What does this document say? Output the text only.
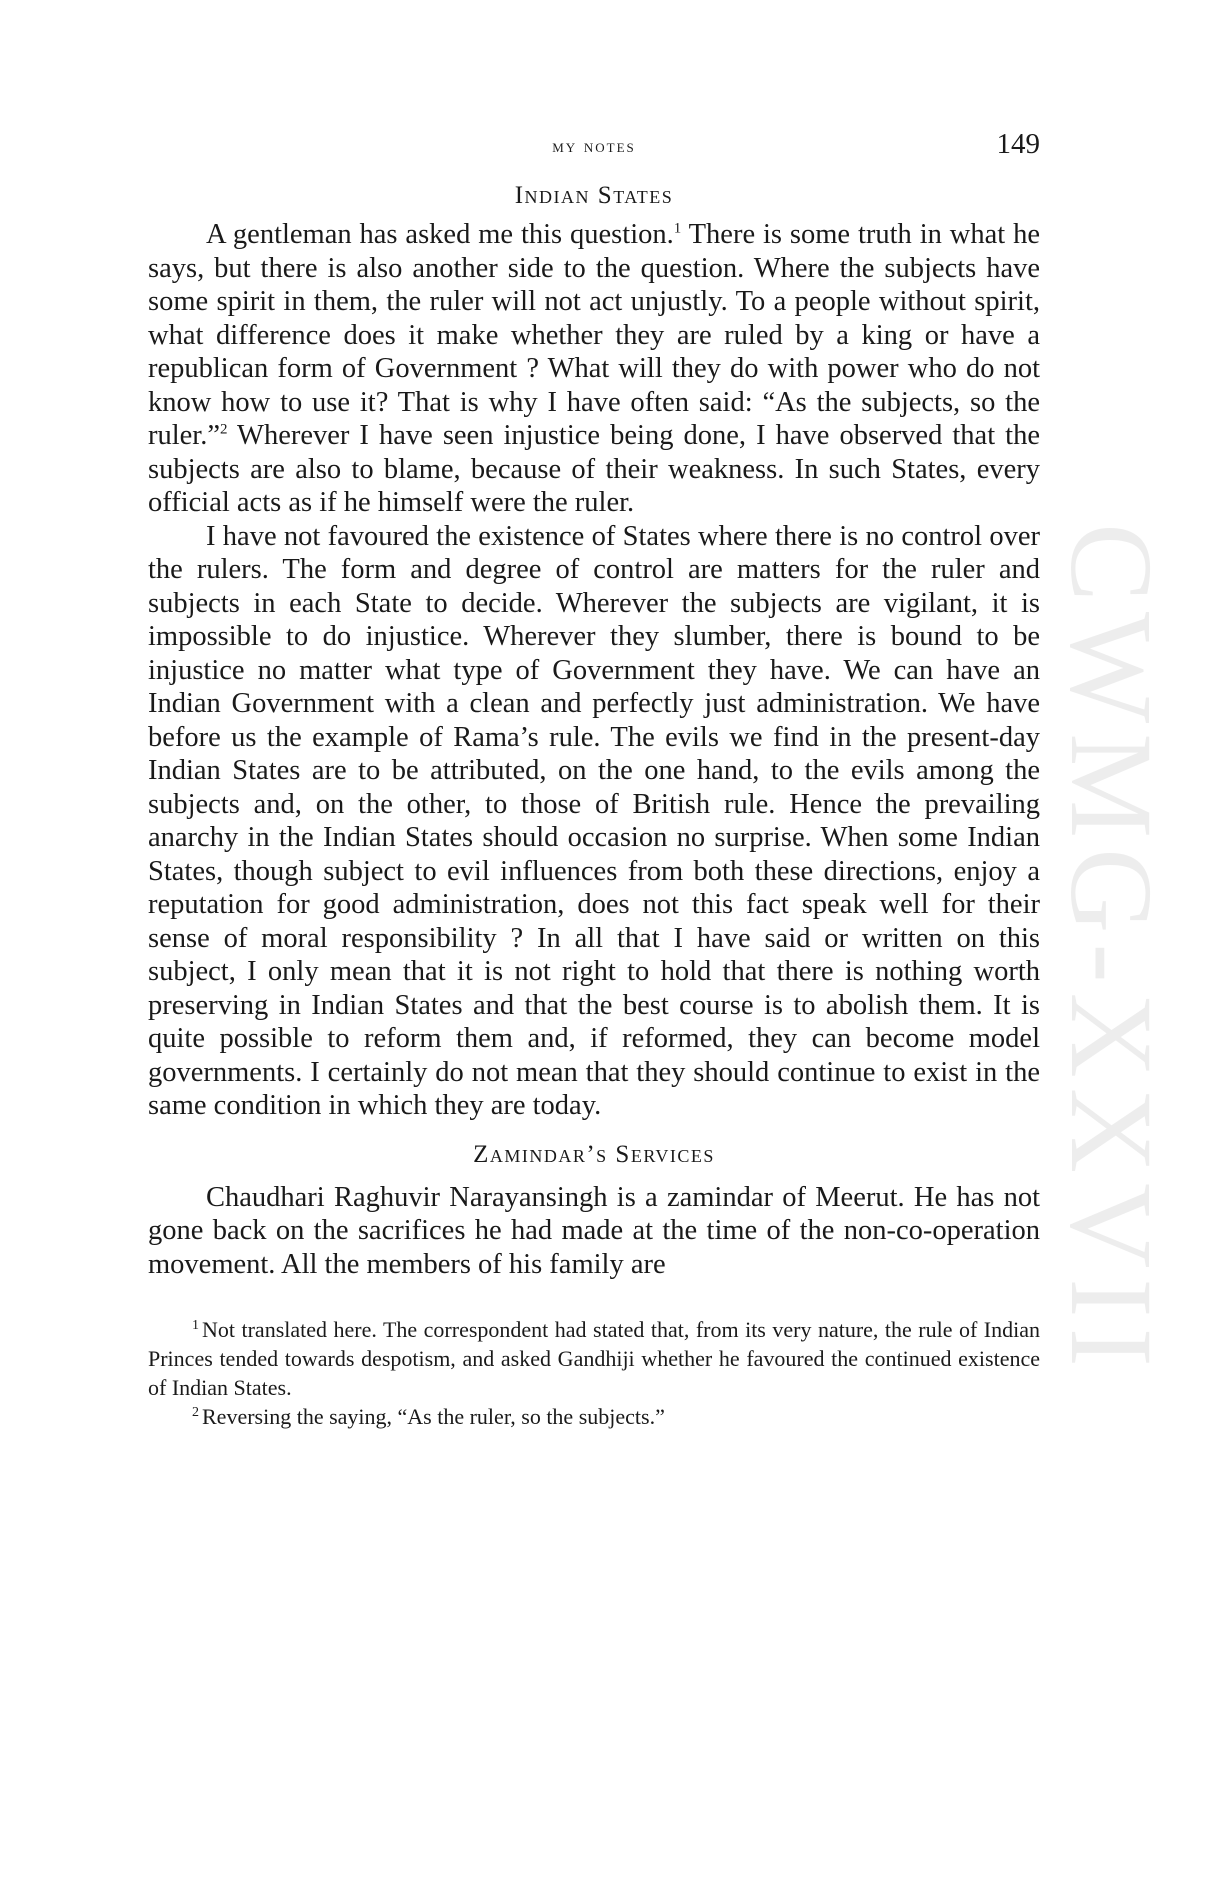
CWMG-XXVII
my notes	149
Indian States

A gentleman has asked me this question.$^1$ There is some truth in what he says, but there is also another side to the question. Where the subjects have some spirit in them, the ruler will not act unjustly. To a people without spirit, what difference does it make whether they are ruled by a king or have a republican form of Government ? What will they do with power who do not know how to use it? That is why I have often said: “As the subjects, so the ruler.”$^2$ Wherever I have seen injustice being done, I have observed that the subjects are also to blame, because of their weakness. In such States, every official acts as if he himself were the ruler.

I have not favoured the existence of States where there is no control over the rulers. The form and degree of control are matters for the ruler and subjects in each State to decide. Wherever the subjects are vigilant, it is impossible to do injustice. Wherever they slumber, there is bound to be injustice no matter what type of Government they have. We can have an Indian Government with a clean and perfectly just administration. We have before us the example of Rama’s rule. The evils we find in the present-day Indian States are to be attributed, on the one hand, to the evils among the subjects and, on the other, to those of British rule. Hence the prevailing anarchy in the Indian States should occasion no surprise. When some Indian States, though subject to evil influences from both these directions, enjoy a reputation for good administration, does not this fact speak well for their sense of moral responsibility ? In all that I have said or written on this subject, I only mean that it is not right to hold that there is nothing worth preserving in Indian States and that the best course is to abolish them. It is quite possible to reform them and, if reformed, they can become model governments. I certainly do not mean that they should continue to exist in the same condition in which they are today.

Zamindar’s Services

Chaudhari Raghuvir Narayansingh is a zamindar of Meerut. He has not gone back on the sacrifices he had made at the time of the non-co-operation movement. All the members of his family are

$^1$ Not translated here. The correspondent had stated that, from its very nature, the rule of Indian Princes tended towards despotism, and asked Gandhiji whether he favoured the continued existence of Indian States.

$^2$ Reversing the saying, “As the ruler, so the subjects.”
